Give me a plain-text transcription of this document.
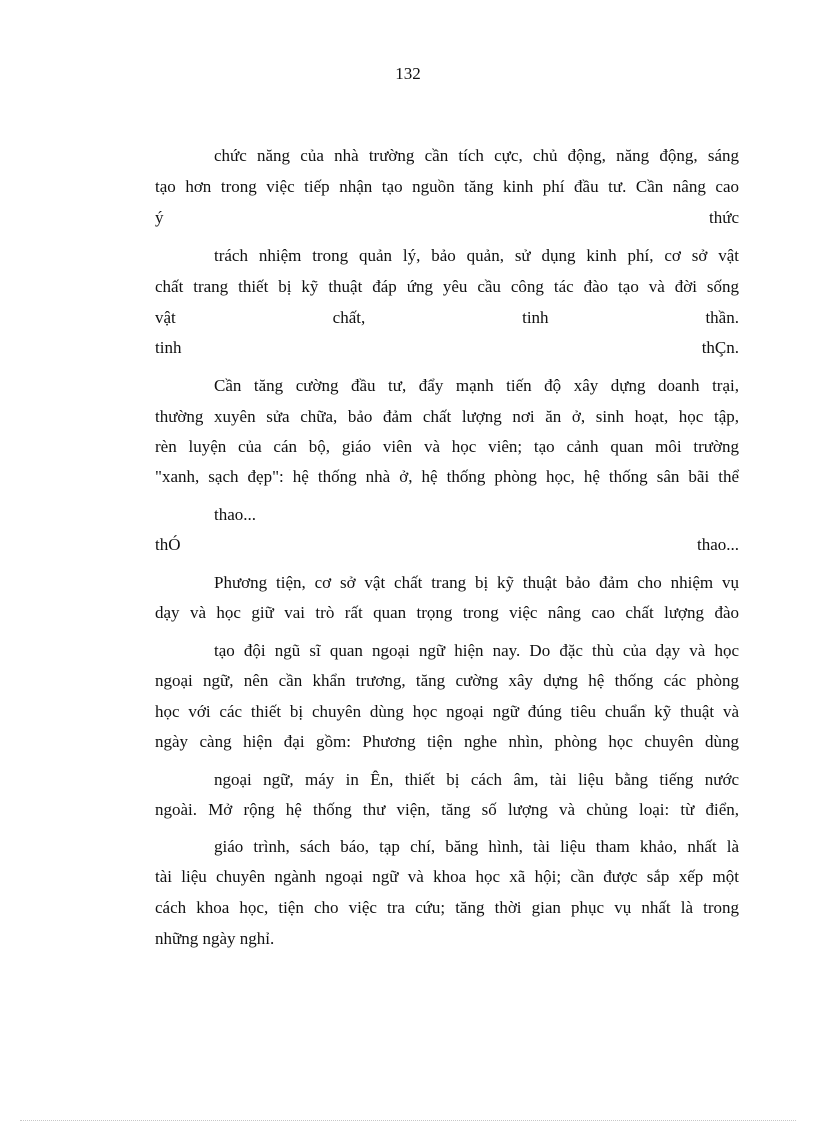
132
chức năng của nhà trường cần tích cực, chủ động, năng động, sáng
tạo hơn trong việc tiếp nhận tạo nguồn tăng kinh phí đầu tư. Cần nâng cao
ý	thức
trách nhiệm trong quản lý, bảo quản, sử dụng kinh phí, cơ sở vật
chất trang thiết bị kỹ thuật đáp ứng yêu cầu công tác đào tạo và đời sống
vật	chất,	tinh	thần.
tinh	thÇn.
Cần tăng cường đầu tư, đẩy mạnh tiến độ xây dựng doanh trại,
thường xuyên sửa chữa, bảo đảm chất lượng nơi ăn ở, sinh hoạt, học tập,
rèn luyện của cán bộ, giáo viên và học viên; tạo cảnh quan môi trường
"xanh, sạch đẹp": hệ thống nhà ở, hệ thống phòng học, hệ thống sân bãi thể
thao...
thÓ	thao...
Phương tiện, cơ sở vật chất trang bị kỹ thuật bảo đảm cho nhiệm vụ
dạy và học giữ vai trò rất quan trọng trong việc nâng cao chất lượng đào
tạo đội ngũ sĩ quan ngoại ngữ hiện nay. Do đặc thù của dạy và học
ngoại ngữ, nên cần khẩn trương, tăng cường xây dựng hệ thống các phòng
học với các thiết bị chuyên dùng học ngoại ngữ đúng tiêu chuẩn kỹ thuật và
ngày càng hiện đại gồm: Phương tiện nghe nhìn, phòng học chuyên dùng
ngoại ngữ, máy in Ên, thiết bị cách âm, tài liệu bằng tiếng nước
ngoài. Mở rộng hệ thống thư viện, tăng số lượng và chủng loại: từ điển,
giáo trình, sách báo, tạp chí, băng hình, tài liệu tham khảo, nhất là
tài liệu chuyên ngành ngoại ngữ và khoa học xã hội; cần được sắp xếp một
cách khoa học, tiện cho việc tra cứu; tăng thời gian phục vụ nhất là trong
những ngày nghỉ.
